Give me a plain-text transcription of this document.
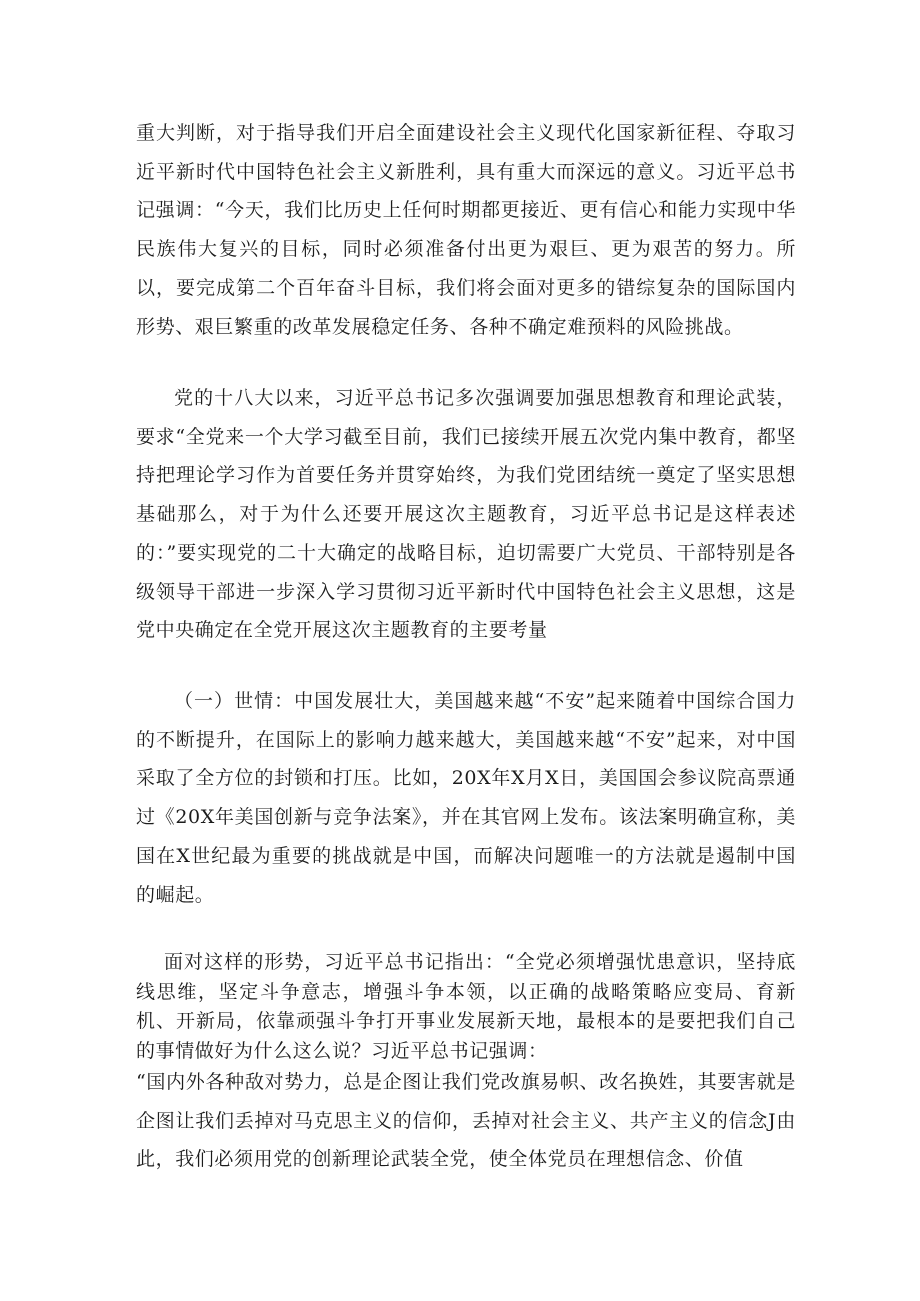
重大判断，对于指导我们开启全面建设社会主义现代化国家新征程、夺取习近平新时代中国特色社会主义新胜利，具有重大而深远的意义。习近平总书记强调：“今天，我们比历史上任何时期都更接近、更有信心和能力实现中华民族伟大复兴的目标，同时必须准备付出更为艰巨、更为艰苦的努力。所以，要完成第二个百年奋斗目标，我们将会面对更多的错综复杂的国际国内形势、艰巨繁重的改革发展稳定任务、各种不确定难预料的风险挑战。

党的十八大以来，习近平总书记多次强调要加强思想教育和理论武装，要求“全党来一个大学习截至目前，我们已接续开展五次党内集中教育，都坚持把理论学习作为首要任务并贯穿始终，为我们党团结统一奠定了坚实思想基础那么，对于为什么还要开展这次主题教育，习近平总书记是这样表述的：”要实现党的二十大确定的战略目标，迫切需要广大党员、干部特别是各级领导干部进一步深入学习贯彻习近平新时代中国特色社会主义思想，这是党中央确定在全党开展这次主题教育的主要考量

（一）世情：中国发展壮大，美国越来越“不安”起来随着中国综合国力的不断提升，在国际上的影响力越来越大，美国越来越“不安”起来，对中国采取了全方位的封锁和打压。比如，20X年X月X日，美国国会参议院高票通过《20X年美国创新与竞争法案》，并在其官网上发布。该法案明确宣称，美国在X世纪最为重要的挑战就是中国，而解决问题唯一的方法就是遏制中国的崛起。

面对这样的形势，习近平总书记指出：“全党必须增强忧患意识，坚持底线思维，坚定斗争意志，增强斗争本领，以正确的战略策略应变局、育新机、开新局，依靠顽强斗争打开事业发展新天地，最根本的是要把我们自己的事情做好为什么这么说？习近平总书记强调：

“国内外各种敌对势力，总是企图让我们党改旗易帜、改名换姓，其要害就是企图让我们丢掉对马克思主义的信仰，丢掉对社会主义、共产主义的信念J由此，我们必须用党的创新理论武装全党，使全体党员在理想信念、价值
